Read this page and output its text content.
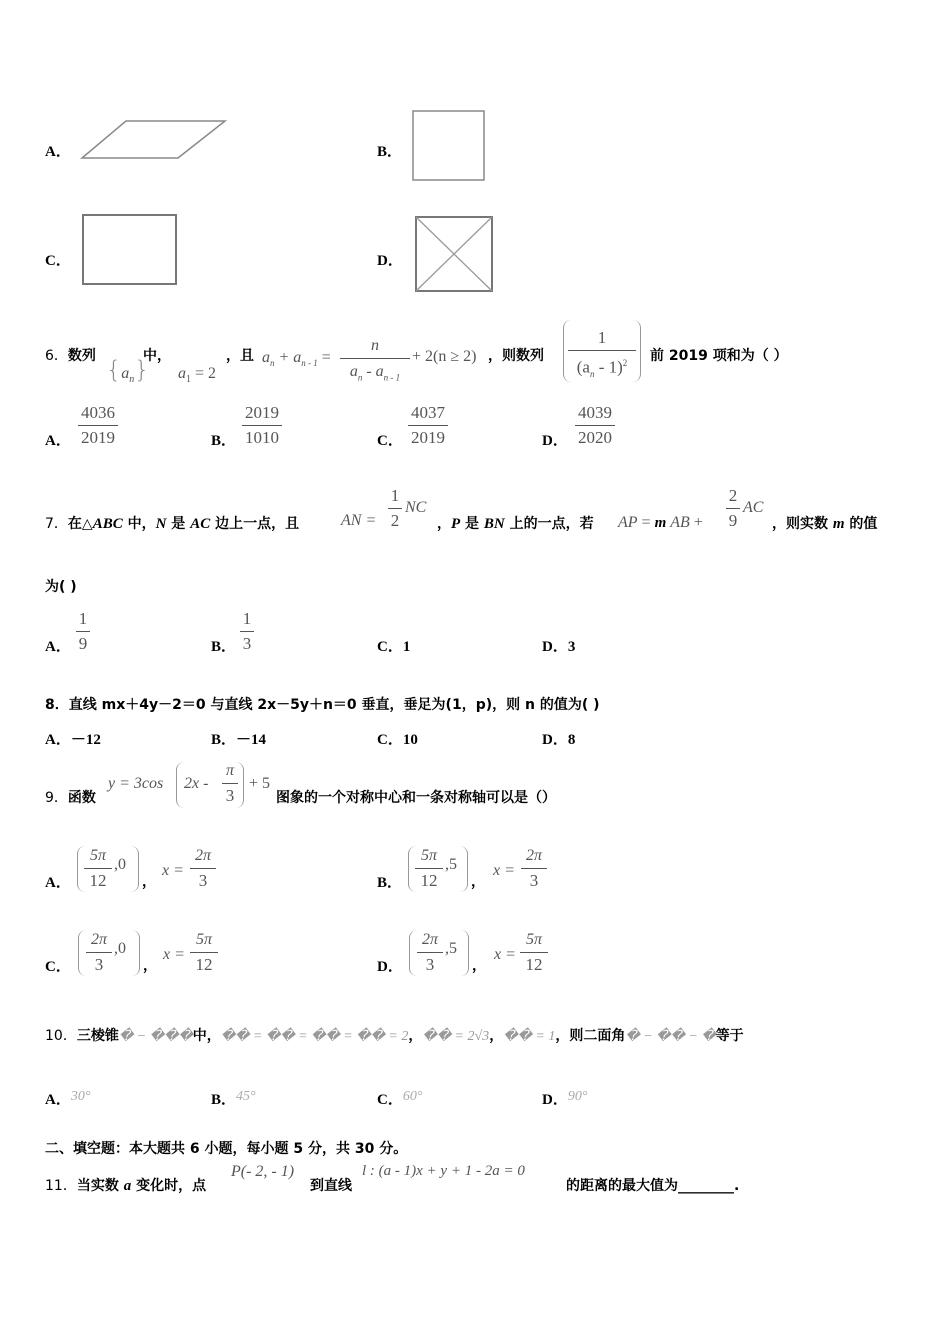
A．	B．
C．	D．
6．数列 $\{a_n\}$
中，
$a_1 = 2$
，且 $a_n + a_{n - 1}$ =
n
$a_n - a_{n - 1}$
+ 2(n ≥ 2) ，则数列
1
$(a_n - 1)^2$	前 2019 项和为（ ）
A．
4036
2019	B．
2019
1010	C．
4037
2019	D．
4039
2020
7．在△ABC 中，N 是 AC 边上一点，且	AN =
1
2
NC
，P 是 BN 上的一点，若 AP = m AB +
2
9
AC
，则实数 m 的值
为( )
A．
1
9	B．
1
3	C．1	D．3
8．直线 mx＋4y－2＝0 与直线 2x－5y＋n＝0 垂直，垂足为(1，p)，则 n 的值为( )
A．－12	B．－14	C．10	D．8
9．函数
y = 3cos 2x -
π
3
+ 5
图象的一个对称中心和一条对称轴可以是（）
A．
5π
12
,0
，
x =
2π
3	B．
5π
12
,5
，
x =
2π
3
C．
2π
3
,0
，
x =
5π
12	D．
2π
3
,5
，
x =
5π
12
10．三棱锥� − ���中，�� = �� = �� = �� = 2，�� = 2√3，�� = 1，则二面角� − �� − �等于
A．30°	B．45°	C．60°	D．90°
二、填空题：本大题共 6 小题，每小题 5 分，共 30 分。
11．当实数 a 变化时，点
P(- 2, - 1)
到直线
l : (a - 1)x + y + 1 - 2a = 0
的距离的最大值为________.
